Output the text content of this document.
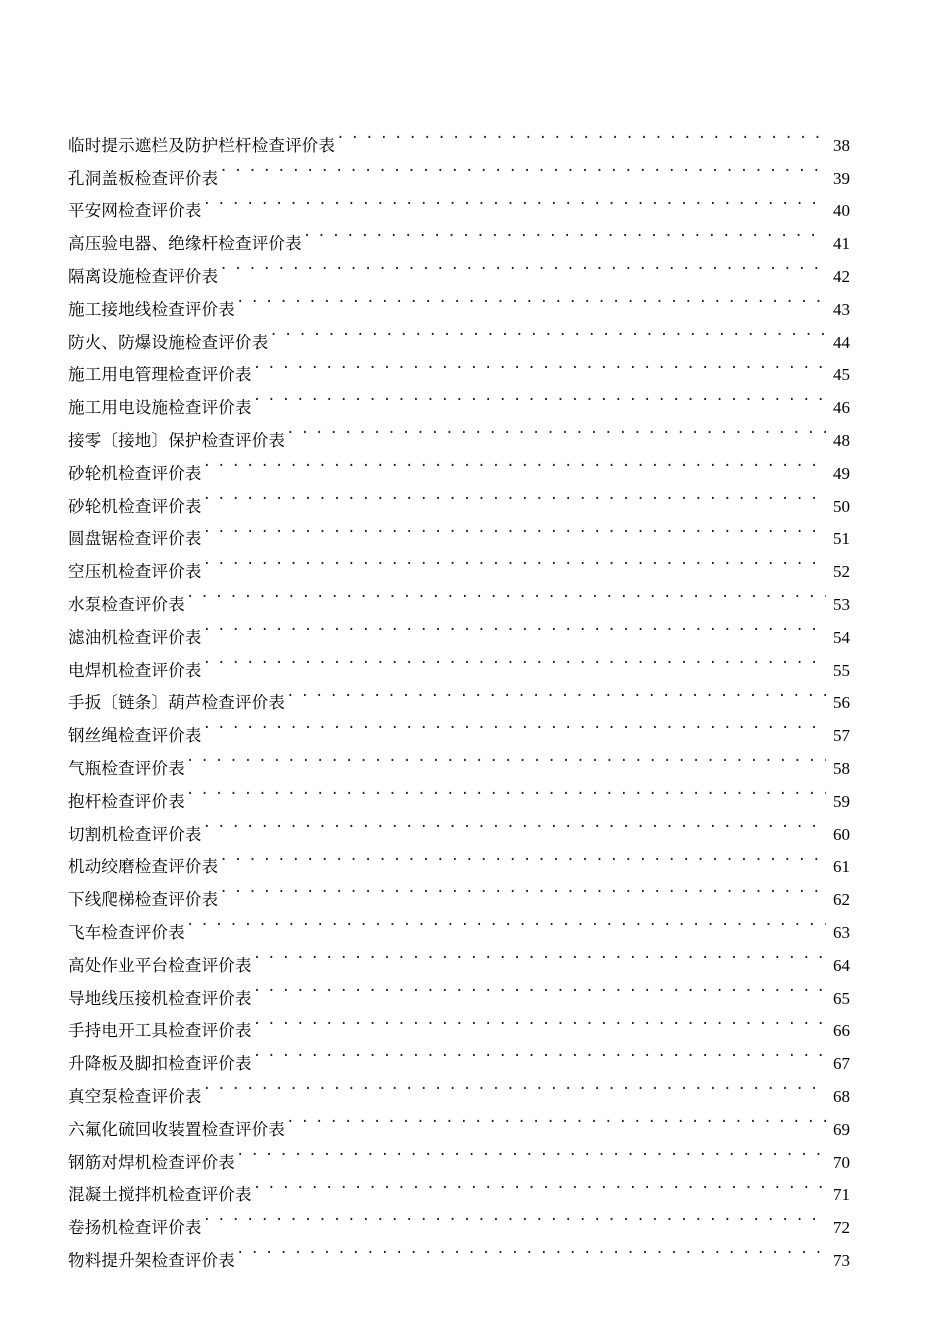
临时提示遮栏及防护栏杆检查评价表 . . .	38
孔洞盖板检查评价表 . . .	39
平安网检查评价表 . . .	40
高压验电器、绝缘杆检查评价表 . . .	41
隔离设施检查评价表 . . .	42
施工接地线检查评价表 . . .	43
防火、防爆设施检查评价表 . . .	44
施工用电管理检查评价表 . . .	45
施工用电设施检查评价表 . . .	46
接零〔接地〕保护检查评价表 . . .	48
砂轮机检查评价表 . . .	49
砂轮机检查评价表 . . .	50
圆盘锯检查评价表 . . .	51
空压机检查评价表 . . .	52
水泵检查评价表 . . .	53
滤油机检查评价表 . . .	54
电焊机检查评价表 . . .	55
手扳〔链条〕葫芦检查评价表 . . .	56
钢丝绳检查评价表 . . .	57
气瓶检查评价表 . . .	58
抱杆检查评价表 . . .	59
切割机检查评价表 . . .	60
机动绞磨检查评价表 . . .	61
下线爬梯检查评价表 . . .	62
飞车检查评价表 . . .	63
高处作业平台检查评价表 . . .	64
导地线压接机检查评价表 . . .	65
手持电开工具检查评价表 . . .	66
升降板及脚扣检查评价表 . . .	67
真空泵检查评价表 . . .	68
六氟化硫回收装置检查评价表 . . .	69
钢筋对焊机检查评价表 . . .	70
混凝土搅拌机检查评价表 . . .	71
卷扬机检查评价表 . . .	72
物料提升架检查评价表 . . .	73
